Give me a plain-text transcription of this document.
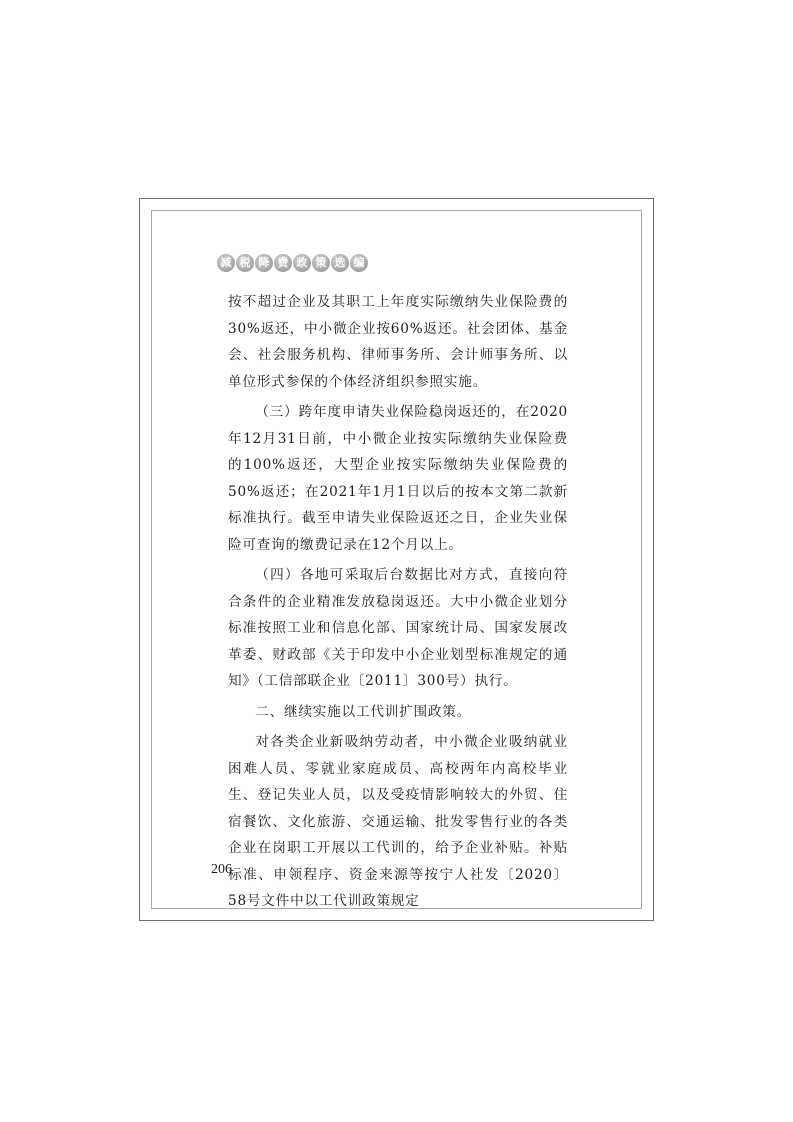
减 税 降 费 政 策 选 编

按不超过企业及其职工上年度实际缴纳失业保险费的30%返还，中小微企业按60%返还。社会团体、基金会、社会服务机构、律师事务所、会计师事务所、以单位形式参保的个体经济组织参照实施。

（三）跨年度申请失业保险稳岗返还的，在2020年12月31日前，中小微企业按实际缴纳失业保险费的100%返还，大型企业按实际缴纳失业保险费的50%返还；在2021年1月1日以后的按本文第二款新标准执行。截至申请失业保险返还之日，企业失业保险可查询的缴费记录在12个月以上。

（四）各地可采取后台数据比对方式，直接向符合条件的企业精准发放稳岗返还。大中小微企业划分标准按照工业和信息化部、国家统计局、国家发展改革委、财政部《关于印发中小企业划型标准规定的通知》（工信部联企业〔2011〕300号）执行。

二、继续实施以工代训扩围政策。

对各类企业新吸纳劳动者，中小微企业吸纳就业困难人员、零就业家庭成员、高校两年内高校毕业生、登记失业人员，以及受疫情影响较大的外贸、住宿餐饮、文化旅游、交通运输、批发零售行业的各类企业在岗职工开展以工代训的，给予企业补贴。补贴标准、申领程序、资金来源等按宁人社发〔2020〕58号文件中以工代训政策规定

206
